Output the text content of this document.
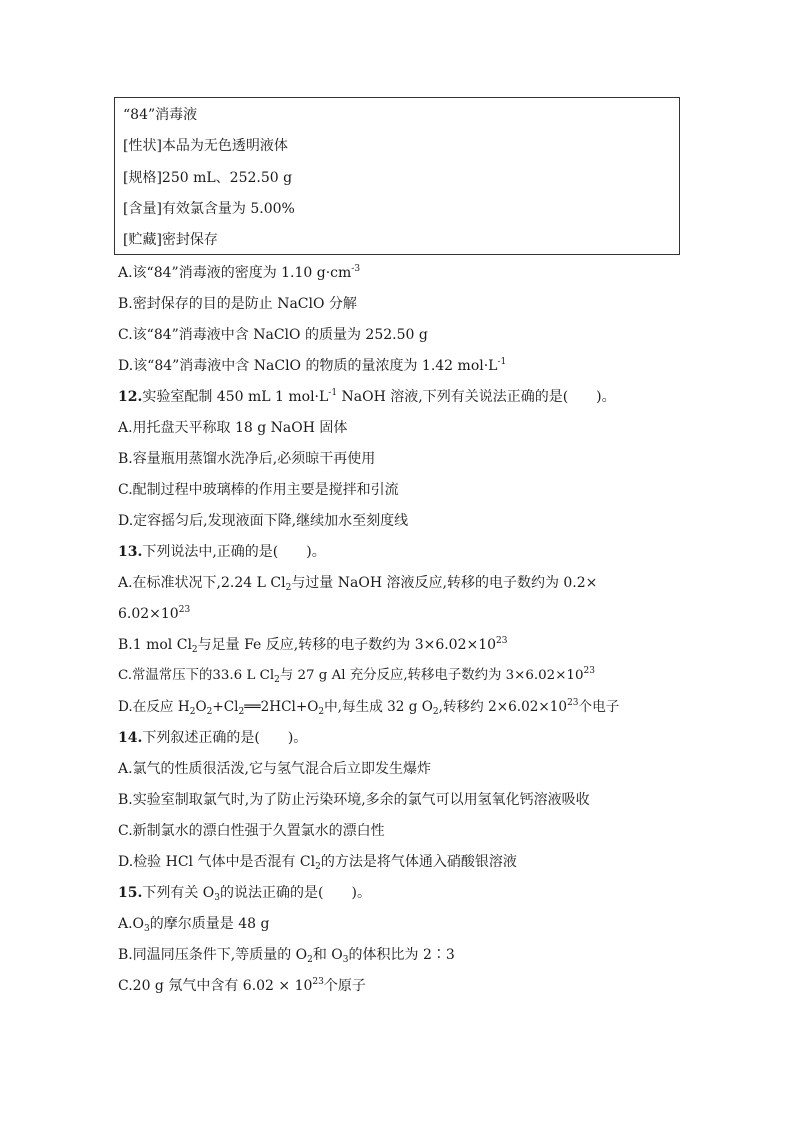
“84”消毒液
[性状]本品为无色透明液体
[规格]250 mL、252.50 g
[含量]有效氯含量为 5.00%
[贮藏]密封保存
A.该“84”消毒液的密度为 1.10 $g\cdot cm^{-3}$
B.密封保存的目的是防止 NaClO 分解
C.该“84”消毒液中含 NaClO 的质量为 252.50 g
D.该“84”消毒液中含 NaClO 的物质的量浓度为 1.42 $mol\cdot L^{-1}$
12.实验室配制 450 mL 1 $mol\cdot L^{-1}$ NaOH 溶液,下列有关说法正确的是(　　)。
A.用托盘天平称取 18 g NaOH 固体
B.容量瓶用蒸馏水洗净后,必须晾干再使用
C.配制过程中玻璃棒的作用主要是搅拌和引流
D.定容摇匀后,发现液面下降,继续加水至刻度线
13.下列说法中,正确的是(　　)。
A.在标准状况下,2.24 L $Cl_2$与过量 NaOH 溶液反应,转移的电子数约为 0.2×
$6.02\times 10^{23}$
B.1 mol $Cl_2$与足量 Fe 反应,转移的电子数约为 $3\times 6.02\times 10^{23}$
C.常温常压下的33.6 L $Cl_2$与 27 g Al 充分反应,转移电子数约为 $3\times 6.02\times 10^{23}$
D.在反应 $H_2O_2+Cl_2══2HCl+O_2$中,每生成 32 g $O_2$,转移约 $2\times 6.02\times 10^{23}$个电子
14.下列叙述正确的是(　　)。
A.氯气的性质很活泼,它与氢气混合后立即发生爆炸
B.实验室制取氯气时,为了防止污染环境,多余的氯气可以用氢氧化钙溶液吸收
C.新制氯水的漂白性强于久置氯水的漂白性
D.检验 HCl 气体中是否混有 $Cl_2$的方法是将气体通入硝酸银溶液
15.下列有关 $O_3$的说法正确的是(　　)。
$A.O_3$的摩尔质量是 48 g
B.同温同压条件下,等质量的 $O_2$和 $O_3$的体积比为 2∶3
C.20 g 氖气中含有 $6.02 \times 10^{23}$个原子
